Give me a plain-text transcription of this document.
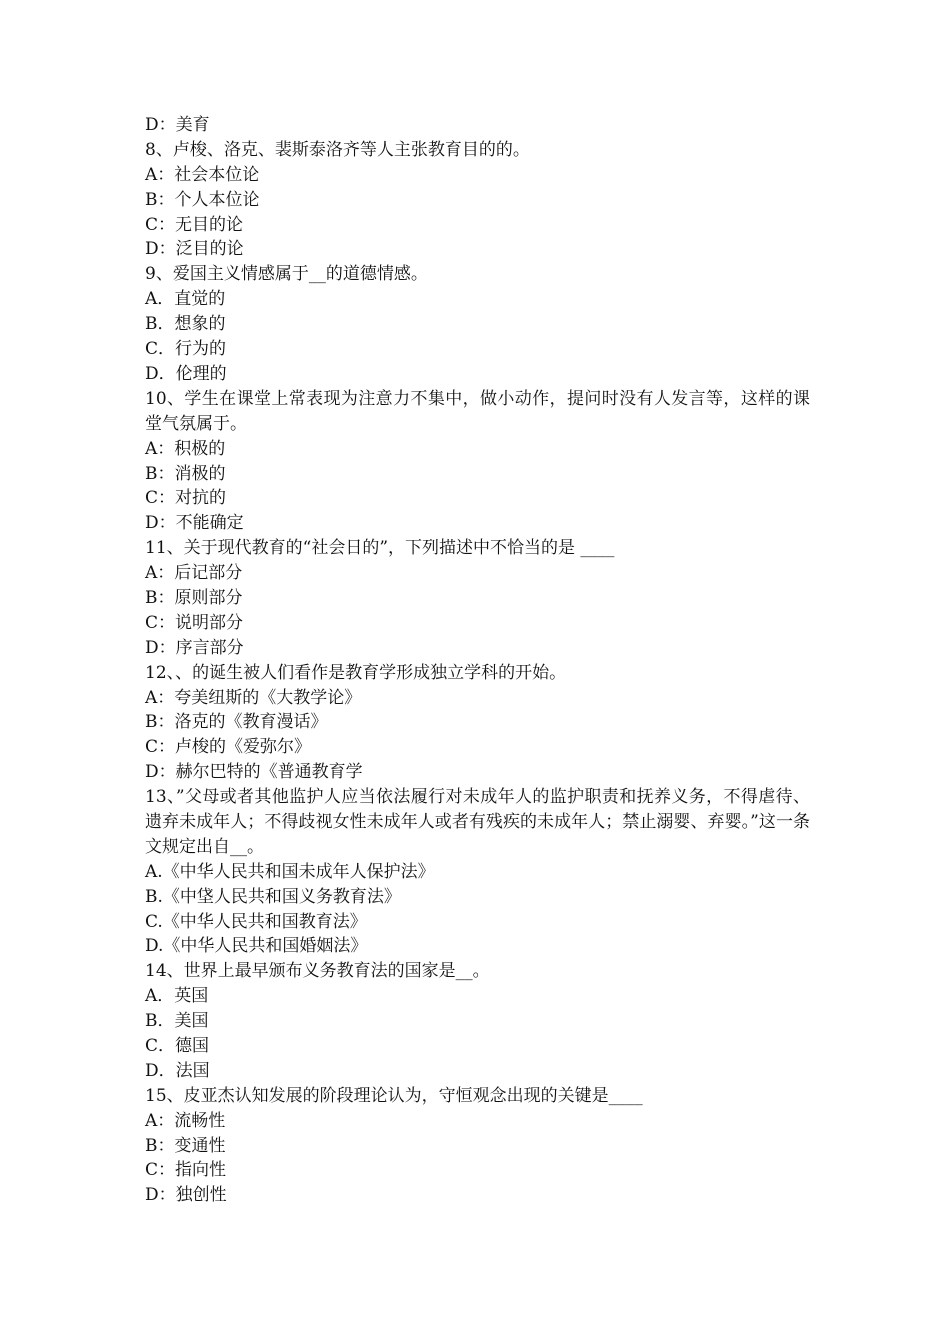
D：美育
8、卢梭、洛克、裴斯泰洛齐等人主张教育目的的。
A：社会本位论
B：个人本位论
C：无目的论
D：泛目的论
9、爱国主义情感属于__的道德情感。
A．直觉的
B．想象的
C．行为的
D．伦理的
10、学生在课堂上常表现为注意力不集中，做小动作，提问时没有人发言等，这样的课堂气氛属于。
A：积极的
B：消极的
C：对抗的
D：不能确定
11、关于现代教育的“社会日的”，下列描述中不恰当的是 ____
A：后记部分
B：原则部分
C：说明部分
D：序言部分
12、、的诞生被人们看作是教育学形成独立学科的开始。
A：夸美纽斯的《大教学论》
B：洛克的《教育漫话》
C：卢梭的《爱弥尔》
D：赫尔巴特的《普通教育学
13、”父母或者其他监护人应当依法履行对未成年人的监护职责和抚养义务，不得虐待、遗弃未成年人；不得歧视女性未成年人或者有残疾的未成年人；禁止溺婴、弃婴。”这一条文规定出自__。
A.《中华人民共和国未成年人保护法》
B.《中垡人民共和国义务教育法》
C.《中华人民共和国教育法》
D.《中华人民共和国婚姻法》
14、世界上最早颁布义务教育法的国家是__。
A．英国
B．美国
C．德国
D．法国
15、皮亚杰认知发展的阶段理论认为，守恒观念出现的关键是____
A：流畅性
B：变通性
C：指向性
D：独创性
